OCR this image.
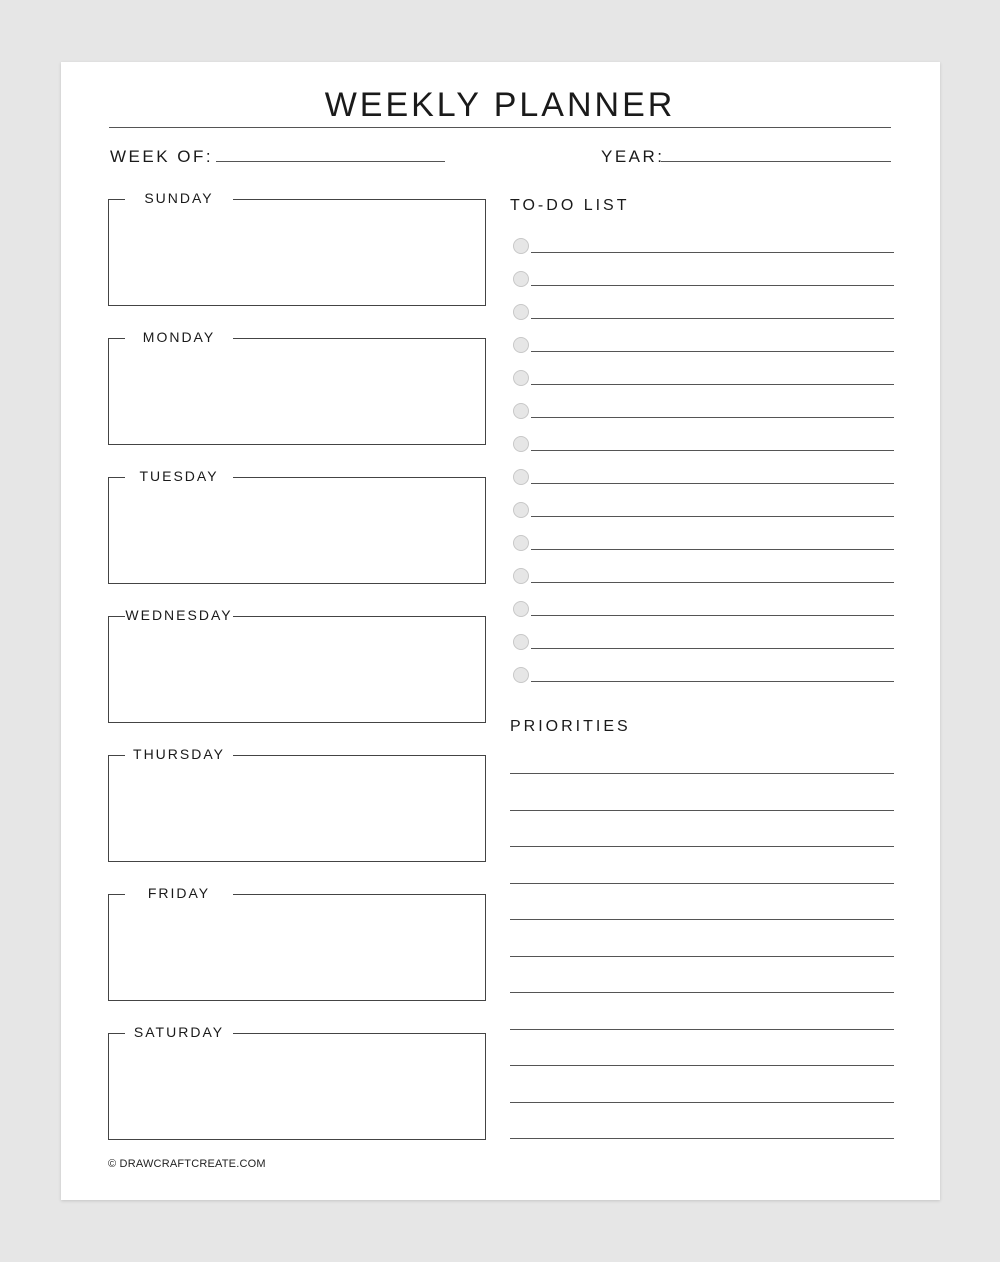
WEEKLY PLANNER
WEEK OF:	YEAR:
SUNDAY
MONDAY
TUESDAY
WEDNESDAY
THURSDAY
FRIDAY
SATURDAY
TO-DO LIST
PRIORITIES
© DRAWCRAFTCREATE.COM
